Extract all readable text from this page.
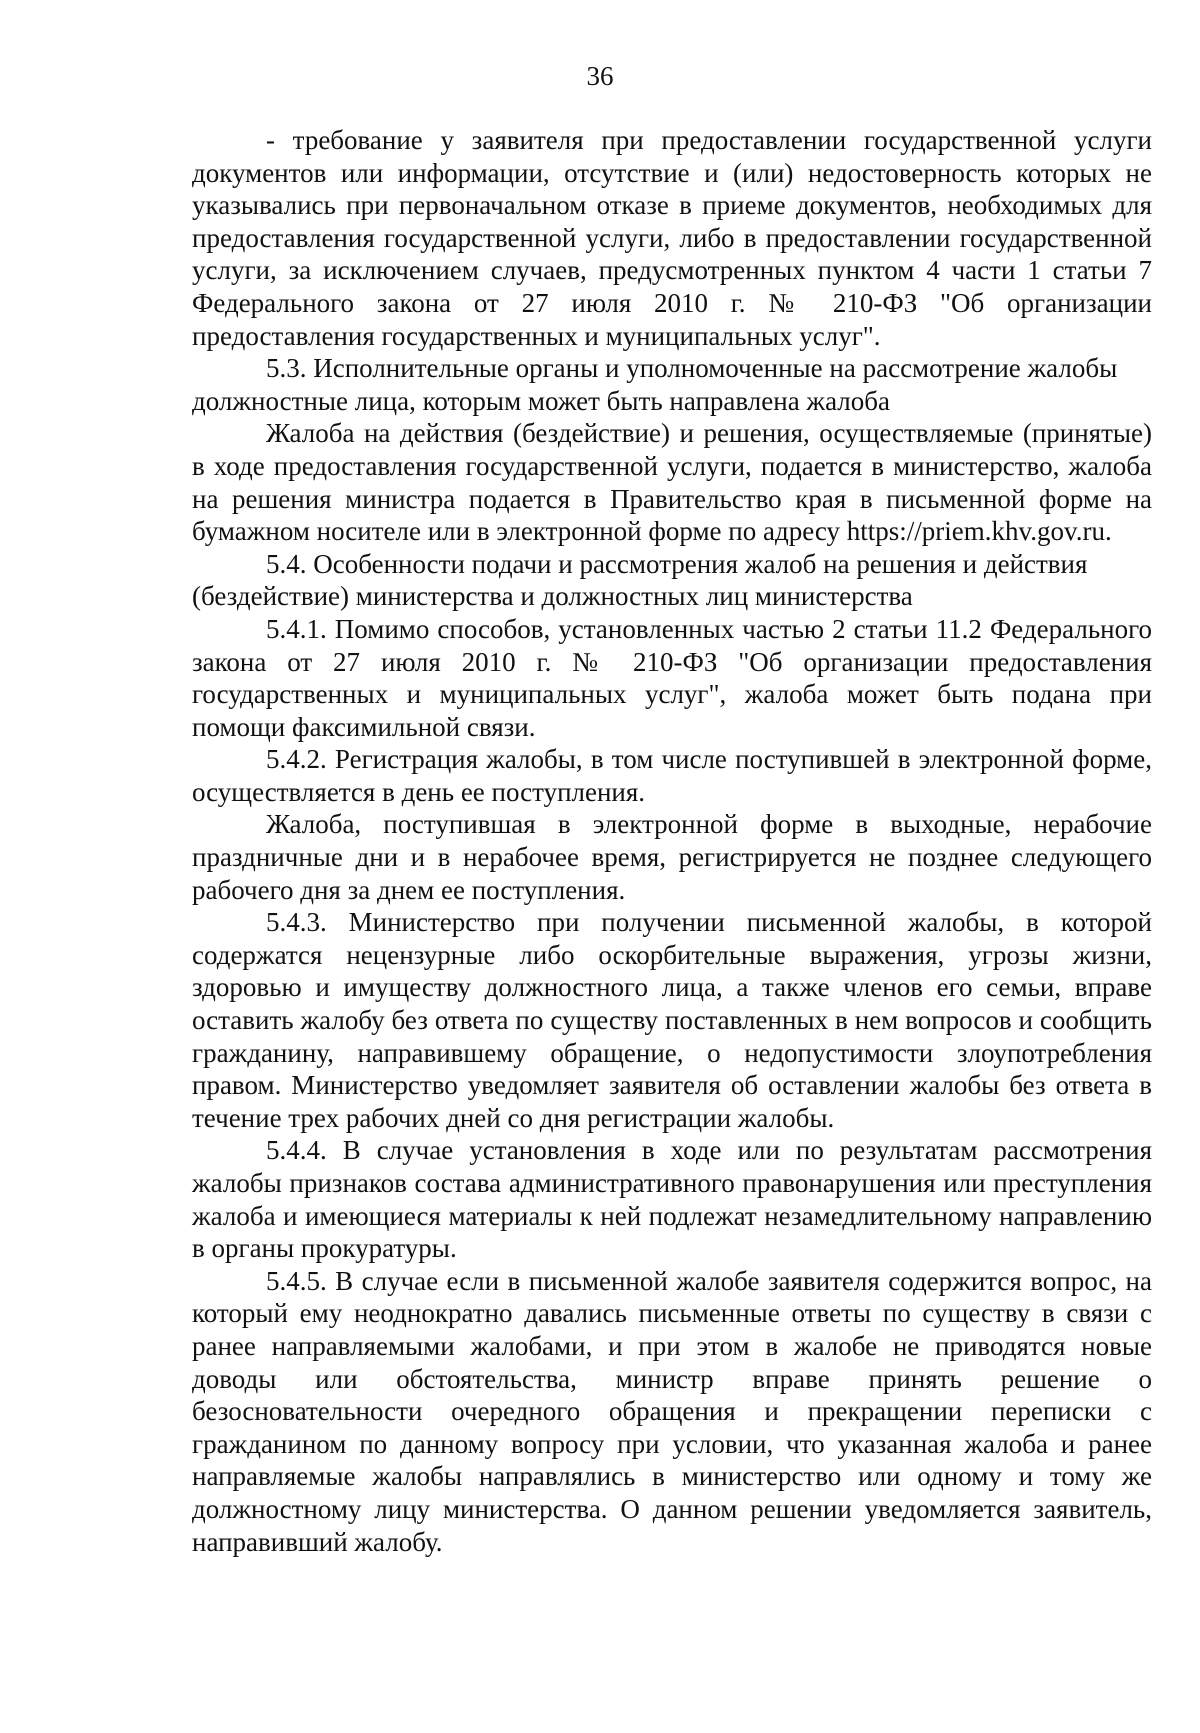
36

- требование у заявителя при предоставлении государственной услуги документов или информации, отсутствие и (или) недостоверность которых не указывались при первоначальном отказе в приеме документов, необходимых для предоставления государственной услуги, либо в предоставлении государственной услуги, за исключением случаев, предусмотренных пунктом 4 части 1 статьи 7 Федерального закона от 27 июля 2010 г. № 210-ФЗ "Об организации предоставления государственных и муниципальных услуг".

5.3. Исполнительные органы и уполномоченные на рассмотрение жалобы должностные лица, которым может быть направлена жалоба

Жалоба на действия (бездействие) и решения, осуществляемые (принятые) в ходе предоставления государственной услуги, подается в министерство, жалоба на решения министра подается в Правительство края в письменной форме на бумажном носителе или в электронной форме по адресу https://priem.khv.gov.ru.

5.4. Особенности подачи и рассмотрения жалоб на решения и действия (бездействие) министерства и должностных лиц министерства

5.4.1. Помимо способов, установленных частью 2 статьи 11.2 Федерального закона от 27 июля 2010 г. № 210-ФЗ "Об организации предоставления государственных и муниципальных услуг", жалоба может быть подана при помощи факсимильной связи.

5.4.2. Регистрация жалобы, в том числе поступившей в электронной форме, осуществляется в день ее поступления.

Жалоба, поступившая в электронной форме в выходные, нерабочие праздничные дни и в нерабочее время, регистрируется не позднее следующего рабочего дня за днем ее поступления.

5.4.3. Министерство при получении письменной жалобы, в которой содержатся нецензурные либо оскорбительные выражения, угрозы жизни, здоровью и имуществу должностного лица, а также членов его семьи, вправе оставить жалобу без ответа по существу поставленных в нем вопросов и сообщить гражданину, направившему обращение, о недопустимости злоупотребления правом. Министерство уведомляет заявителя об оставлении жалобы без ответа в течение трех рабочих дней со дня регистрации жалобы.

5.4.4. В случае установления в ходе или по результатам рассмотрения жалобы признаков состава административного правонарушения или преступления жалоба и имеющиеся материалы к ней подлежат незамедлительному направлению в органы прокуратуры.

5.4.5. В случае если в письменной жалобе заявителя содержится вопрос, на который ему неоднократно давались письменные ответы по существу в связи с ранее направляемыми жалобами, и при этом в жалобе не приводятся новые доводы или обстоятельства, министр вправе принять решение о безосновательности очередного обращения и прекращении переписки с гражданином по данному вопросу при условии, что указанная жалоба и ранее направляемые жалобы направлялись в министерство или одному и тому же должностному лицу министерства. О данном решении уведомляется заявитель, направивший жалобу.
